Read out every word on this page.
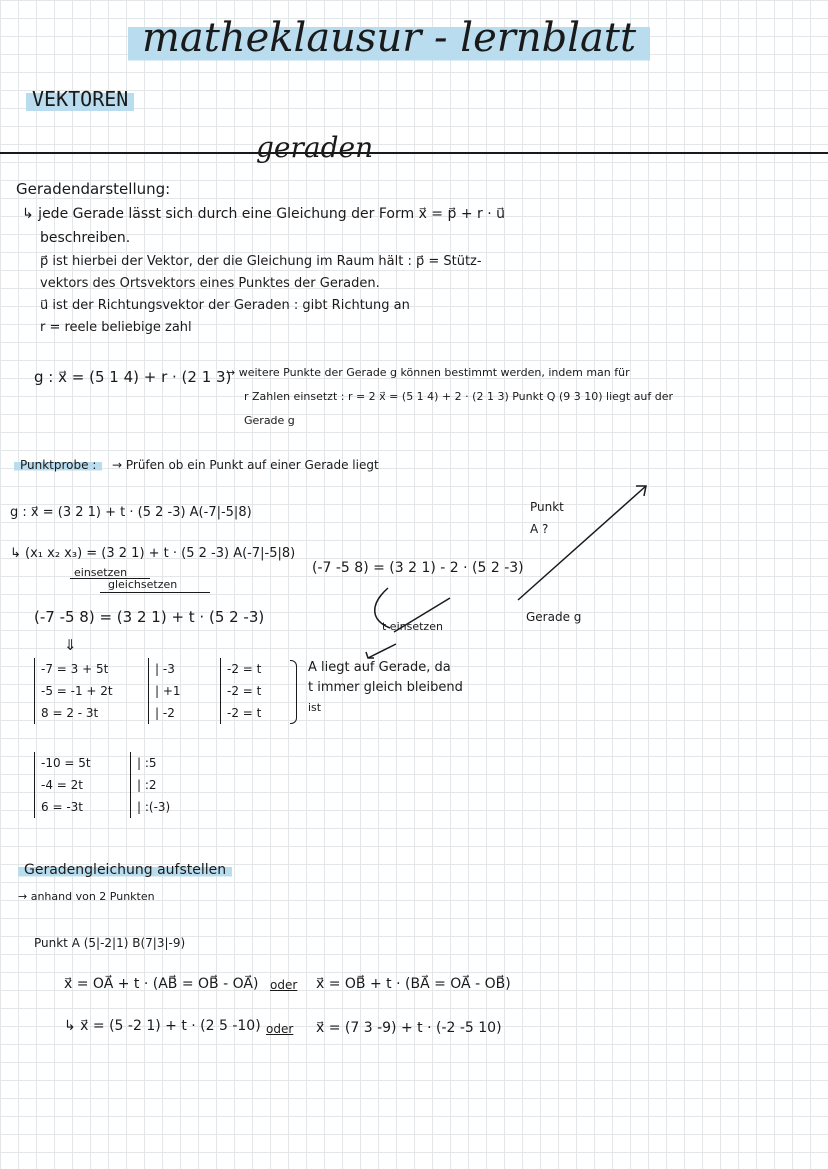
matheklausur - lernblatt
VEKTOREN
geraden
Geradendarstellung:
↳ jede Gerade lässt sich durch eine Gleichung der Form x⃗ = p⃗ + r · u⃗
beschreiben.
p⃗ ist hierbei der Vektor, der die Gleichung im Raum hält : p⃗ = Stütz-
vektors des Ortsvektors eines Punktes der Geraden.
u⃗ ist der Richtungsvektor der Geraden : gibt Richtung an
r = reele beliebige zahl
g : x⃗ = (5 1 4) + r · (2 1 3)
→ weitere Punkte der Gerade g können bestimmt werden, indem man für
r Zahlen einsetzt : r = 2 x⃗ = (5 1 4) + 2 · (2 1 3) Punkt Q (9 3 10) liegt auf der
Gerade g
Punktprobe :	→ Prüfen ob ein Punkt auf einer Gerade liegt
g : x⃗ = (3 2 1) + t · (5 2 -3) A(-7|-5|8)
↳ (x₁ x₂ x₃) = (3 2 1) + t · (5 2 -3) A(-7|-5|8)
einsetzen
gleichsetzen
(-7 -5 8) = (3 2 1) + t · (5 2 -3)
⇓
-7 = 3 + 5t
-5 = -1 + 2t
8 = 2 - 3t
| -3
| +1
| -2
-2 = t
-2 = t
-2 = t
A liegt auf Gerade, da
t immer gleich bleibend
ist
-10 = 5t
-4 = 2t
6 = -3t
| :5
| :2
| :(-3)
(-7 -5 8) = (3 2 1) - 2 · (5 2 -3)
t einsetzen
Punkt
A ?
Gerade g
Geradengleichung aufstellen
→ anhand von 2 Punkten
Punkt A (5|-2|1) B(7|3|-9)
x⃗ = OA⃗ + t · (AB⃗ = OB⃗ - OA⃗) oder x⃗ = OB⃗ + t · (BA⃗ = OA⃗ - OB⃗)
↳ x⃗ = (5 -2 1) + t · (2 5 -10) oder x⃗ = (7 3 -9) + t · (-2 -5 10)
